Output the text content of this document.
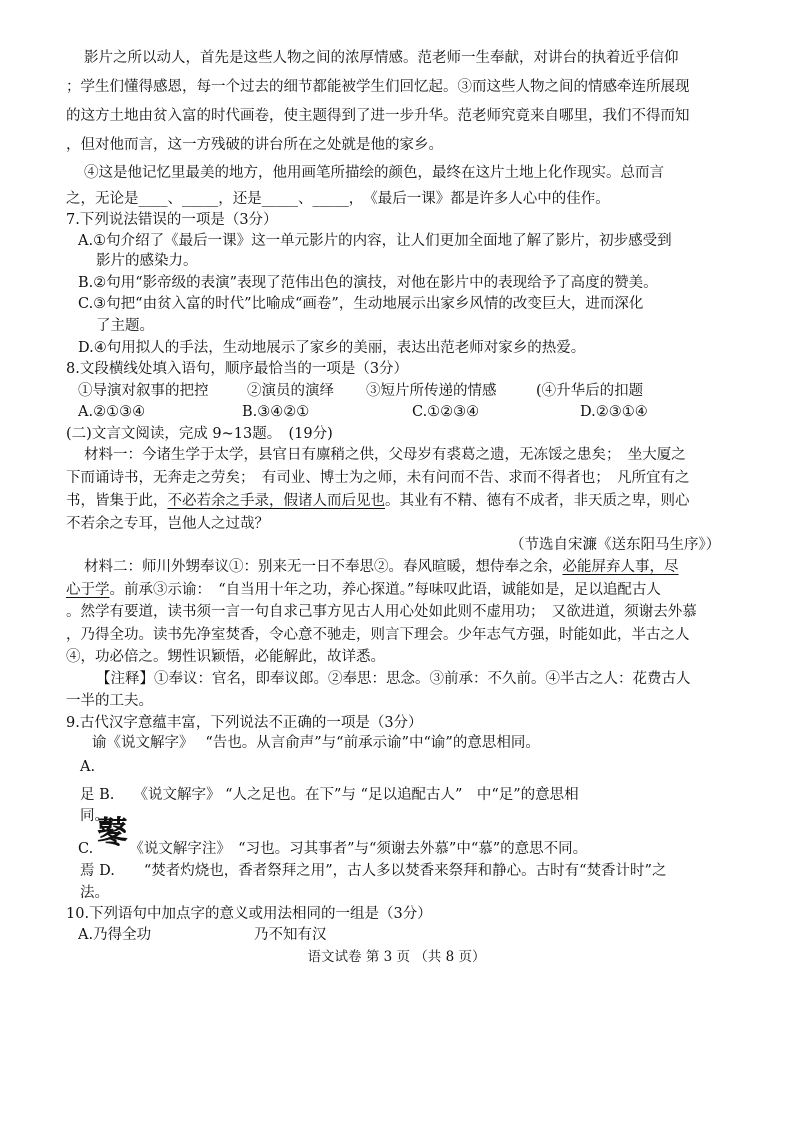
影片之所以动人，首先是这些人物之间的浓厚情感。范老师一生奉献，对讲台的执着近乎信仰
；学生们懂得感恩，每一个过去的细节都能被学生们回忆起。③而这些人物之间的情感牵连所展现
的这方土地由贫入富的时代画卷，使主题得到了进一步升华。范老师究竟来自哪里，我们不得而知
，但对他而言，这一方残破的讲台所在之处就是他的家乡。
④这是他记忆里最美的地方，他用画笔所描绘的颜色，最终在这片土地上化作现实。总而言
之，无论是____、_____，还是_____、_____，　《最后一课》都是许多人心中的佳作。
7.下列说法错误的一项是（3分）
A.①句介绍了《最后一课》这一单元影片的内容，让人们更加全面地了解了影片，初步感受到
影片的感染力。
B.②句用“影帝级的表演”表现了范伟出色的演技，对他在影片中的表现给予了高度的赞美。
C.③句把“由贫入富的时代”比喻成“画卷”，生动地展示出家乡风情的改变巨大，进而深化
了主题。
D.④句用拟人的手法，生动地展示了家乡的美丽，表达出范老师对家乡的热爱。
8.文段横线处填入语句，顺序最恰当的一项是（3分）
①导演对叙事的把控	②演员的演绎 ③短片所传递的情感	(④升华后的扣题
A.②①③④	B.③④②①	C.①②③④	D.②③①④
(二)文言文阅读，完成 9~13题。　(19分)
材料一：今诸生学于太学，县官日有廪稍之供，父母岁有裘葛之遗，无冻馁之患矣；　坐大厦之
下而诵诗书，无奔走之劳矣；　有司业、博士为之师，未有问而不告、求而不得者也；　凡所宜有之
书，皆集于此，不必若余之手录，假诸人而后见也。其业有不精、德有不成者，非天质之卑，则心
不若余之专耳，岂他人之过哉？
（节选自宋濂《送东阳马生序》）
材料二：师川外甥奉议①：别来无一日不奉思②。春风暄暖，想侍奉之余，必能屏弃人事，尽
心于学。前承③示谕：　“自当用十年之功，养心探道。”每味叹此语，诚能如是，足以追配古人
。然学有要道，读书须一言一句自求己事方见古人用心处如此则不虚用功；　又欲进道，须谢去外慕
，乃得全功。读书先净室焚香，令心意不驰走，则言下理会。少年志气方强，时能如此，半古之人
④，功必倍之。甥性识颖悟，必能解此，故详悉。
【注释】①奉议：官名，即奉议郎。②奉思：思念。③前承：不久前。④半古之人：花费古人
一半的工夫。
9.古代汉字意蕴丰富，下列说法不正确的一项是（3分）
谕《说文解字》　 “告也。从言俞声”与“前承示谕”中“谕”的意思相同。
A.
足 B.　 《说文解字》 “人之足也。在下”与 “足以追配古人”　中“足”的意思相
同。
鼕
C.　　　《说文解字注》　“习也。习其事者”与“须谢去外慕”中“慕”的意思不同。
焉 D.　　“焚者灼烧也，香者祭拜之用”，古人多以焚香来祭拜和静心。古时有“焚香计时”之
法。
10.下列语句中加点字的意义或用法相同的一组是（3分）
A.乃得全功	乃不知有汉
语文试卷 第 3 页 （共 8 页）
